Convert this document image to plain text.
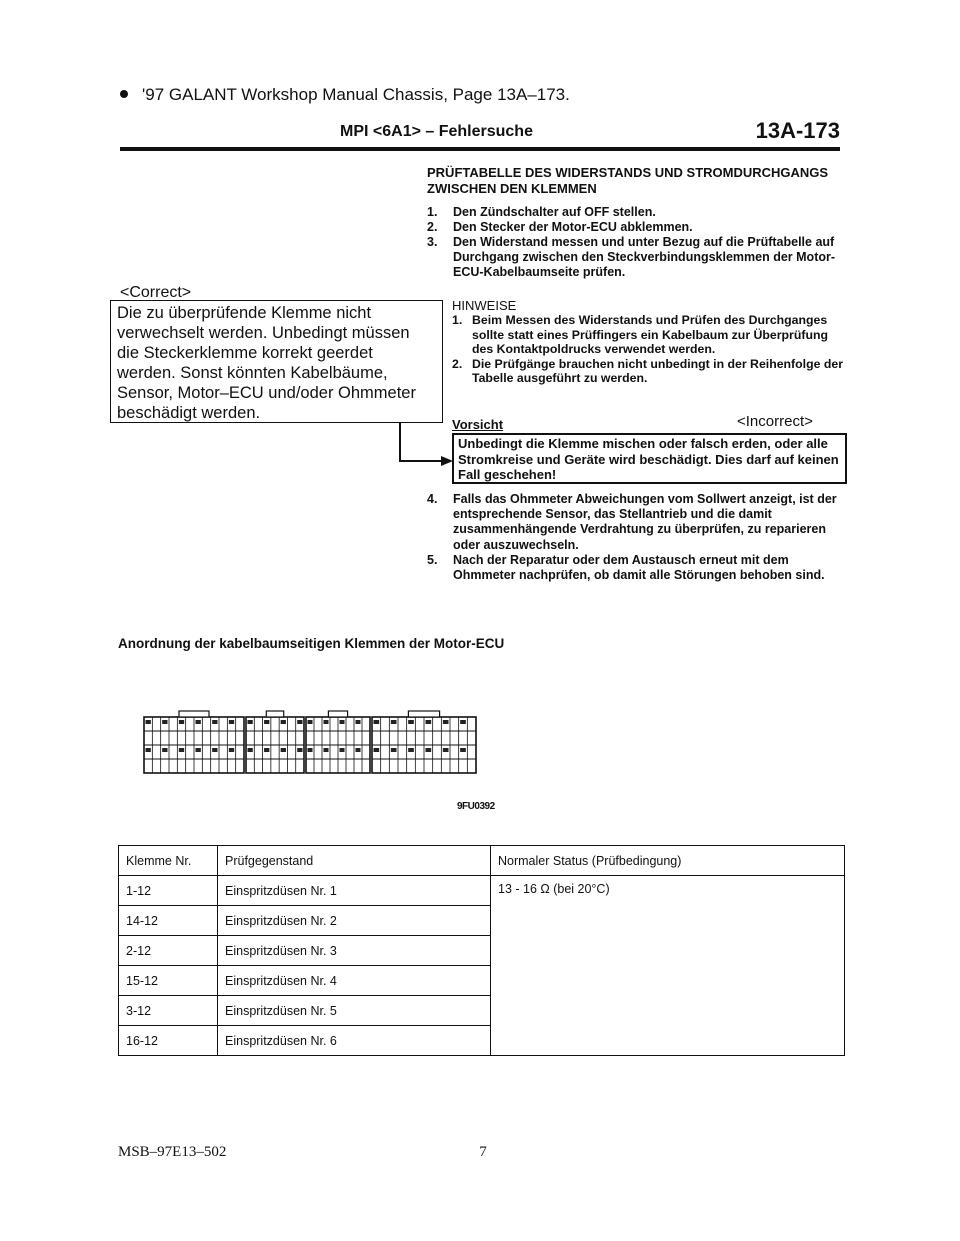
'97 GALANT Workshop Manual Chassis, Page 13A–173.
MPI <6A1> – Fehlersuche	13A-173
PRÜFTABELLE DES WIDERSTANDS UND STROMDURCHGANGS ZWISCHEN DEN KLEMMEN
1.	Den Zündschalter auf OFF stellen.
2.	Den Stecker der Motor-ECU abklemmen.
3.	Den Widerstand messen und unter Bezug auf die Prüftabelle auf Durchgang zwischen den Steckverbindungsklemmen der Motor-ECU-Kabelbaumseite prüfen.
<Correct>
Die zu überprüfende Klemme nicht verwechselt werden. Unbedingt müssen die Steckerklemme korrekt geerdet werden. Sonst könnten Kabelbäume, Sensor, Motor–ECU und/oder Ohmmeter beschädigt werden.
HINWEISE
1. Beim Messen des Widerstands und Prüfen des Durchganges sollte statt eines Prüffingers ein Kabelbaum zur Überprüfung des Kontaktpoldrucks verwendet werden.
2. Die Prüfgänge brauchen nicht unbedingt in der Reihenfolge der Tabelle ausgeführt zu werden.
Vorsicht	<Incorrect>
Unbedingt die Klemme mischen oder falsch erden, oder alle Stromkreise und Geräte wird beschädigt. Dies darf auf keinen Fall geschehen!
4.	Falls das Ohmmeter Abweichungen vom Sollwert anzeigt, ist der entsprechende Sensor, das Stellantrieb und die damit zusammenhängende Verdrahtung zu überprüfen, zu reparieren oder auszuwechseln.
5.	Nach der Reparatur oder dem Austausch erneut mit dem Ohmmeter nachprüfen, ob damit alle Störungen behoben sind.
Anordnung der kabelbaumseitigen Klemmen der Motor-ECU
9FU0392
Klemme Nr.	Prüfgegenstand	Normaler Status (Prüfbedingung)
1-12	Einspritzdüsen Nr. 1	13 - 16 Ω (bei 20°C)
14-12	Einspritzdüsen Nr. 2	
2-12	Einspritzdüsen Nr. 3	
15-12	Einspritzdüsen Nr. 4	
3-12	Einspritzdüsen Nr. 5	
16-12	Einspritzdüsen Nr. 6	
MSB–97E13–502	7
